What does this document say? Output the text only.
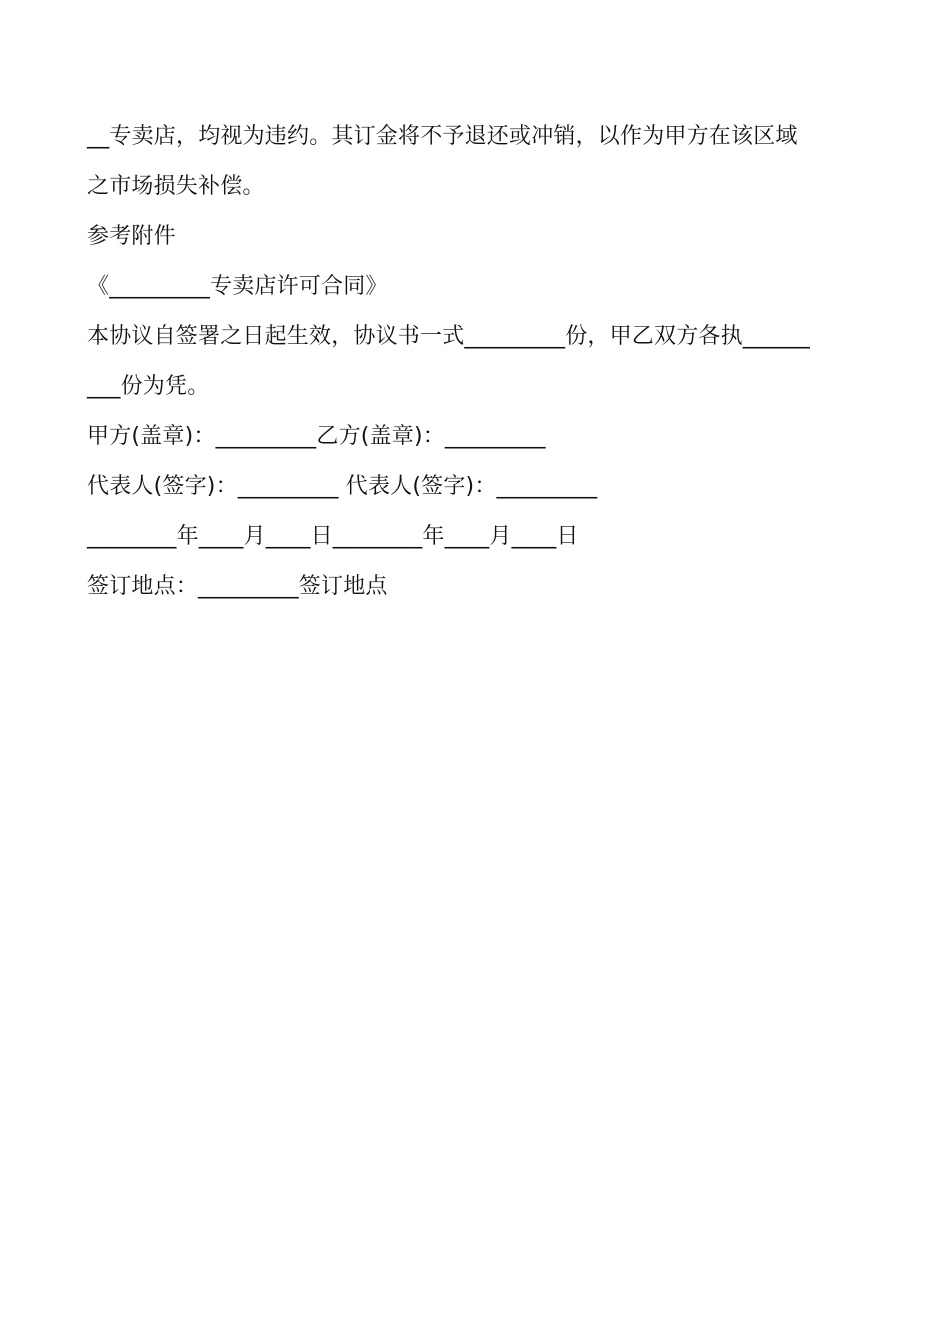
__专卖店，均视为违约。其订金将不予退还或冲销，以作为甲方在该区域
之市场损失补偿。
参考附件
《_________专卖店许可合同》
本协议自签署之日起生效，协议书一式_________份，甲乙双方各执______
___份为凭。
甲方(盖章)：_________乙方(盖章)：_________
代表人(签字)：_________ 代表人(签字)：_________
________年____月____日________年____月____日
签订地点：_________签订地点
